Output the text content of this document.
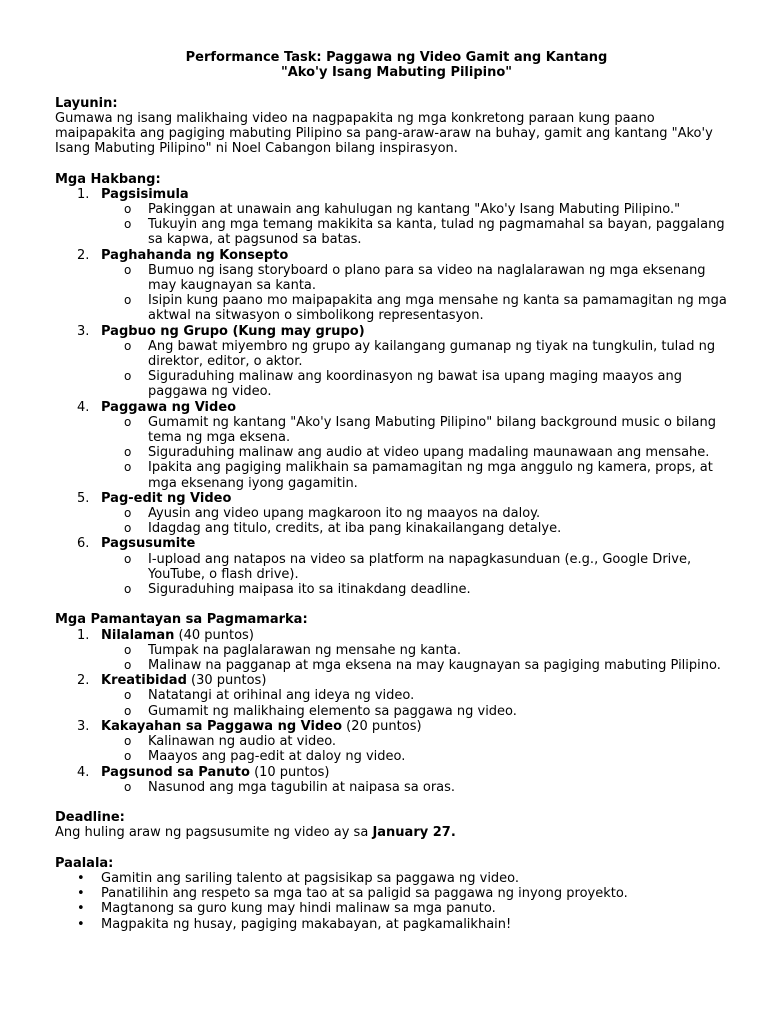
Performance Task: Paggawa ng Video Gamit ang Kantang

"Ako'y Isang Mabuting Pilipino"

Layunin:

Gumawa ng isang malikhaing video na nagpapakita ng mga konkretong paraan kung paano maipapakita ang pagiging mabuting Pilipino sa pang-araw-araw na buhay, gamit ang kantang "Ako'y Isang Mabuting Pilipino" ni Noel Cabangon bilang inspirasyon.

Mga Hakbang:

1 .	Pagsisimula
o Pakinggan at unawain ang kahulugan ng kantang "Ako'y Isang Mabuting Pilipino."
o Tukuyin ang mga temang makikita sa kanta, tulad ng pagmamahal sa bayan, paggalang sa kapwa, at pagsunod sa batas.
2 .	Paghahanda ng Konsepto
o Bumuo ng isang storyboard o plano para sa video na naglalarawan ng mga eksenang may kaugnayan sa kanta.
o Isipin kung paano mo maipapakita ang mga mensahe ng kanta sa pamamagitan ng mga aktwal na sitwasyon o simbolikong representasyon.
3 .	Pagbuo ng Grupo (Kung may grupo)
o Ang bawat miyembro ng grupo ay kailangang gumanap ng tiyak na tungkulin, tulad ng direktor, editor, o aktor.
o Siguraduhing malinaw ang koordinasyon ng bawat isa upang maging maayos ang paggawa ng video.
4 .	Paggawa ng Video
o Gumamit ng kantang "Ako'y Isang Mabuting Pilipino" bilang background music o bilang tema ng mga eksena.
o Siguraduhing malinaw ang audio at video upang madaling maunawaan ang mensahe.
o Ipakita ang pagiging malikhain sa pamamagitan ng mga anggulo ng kamera, props, at mga eksenang iyong gagamitin.
5 .	Pag-edit ng Video
o Ayusin ang video upang magkaroon ito ng maayos na daloy.
o Idagdag ang titulo, credits, at iba pang kinakailangang detalye.
6 .	Pagsusumite
o I-upload ang natapos na video sa platform na napagkasunduan (e.g., Google Drive, YouTube, o flash drive).
o Siguraduhing maipasa ito sa itinakdang deadline.

Mga Pamantayan sa Pagmamarka:

1 .	Nilalaman (40 puntos)
o Tumpak na paglalarawan ng mensahe ng kanta.
o Malinaw na pagganap at mga eksena na may kaugnayan sa pagiging mabuting Pilipino.
2 .	Kreatibidad (30 puntos)
o Natatangi at orihinal ang ideya ng video.
o Gumamit ng malikhaing elemento sa paggawa ng video.
3 .	Kakayahan sa Paggawa ng Video (20 puntos)
o Kalinawan ng audio at video.
o Maayos ang pag-edit at daloy ng video.
4 .	Pagsunod sa Panuto (10 puntos)
o Nasunod ang mga tagubilin at naipasa sa oras.

Deadline:

Ang huling araw ng pagsusumite ng video ay sa January 27.

Paalala:

• Gamitin ang sariling talento at pagsisikap sa paggawa ng video.
• Panatilihin ang respeto sa mga tao at sa paligid sa paggawa ng inyong proyekto.
• Magtanong sa guro kung may hindi malinaw sa mga panuto.
• Magpakita ng husay, pagiging makabayan, at pagkamalikhain!
